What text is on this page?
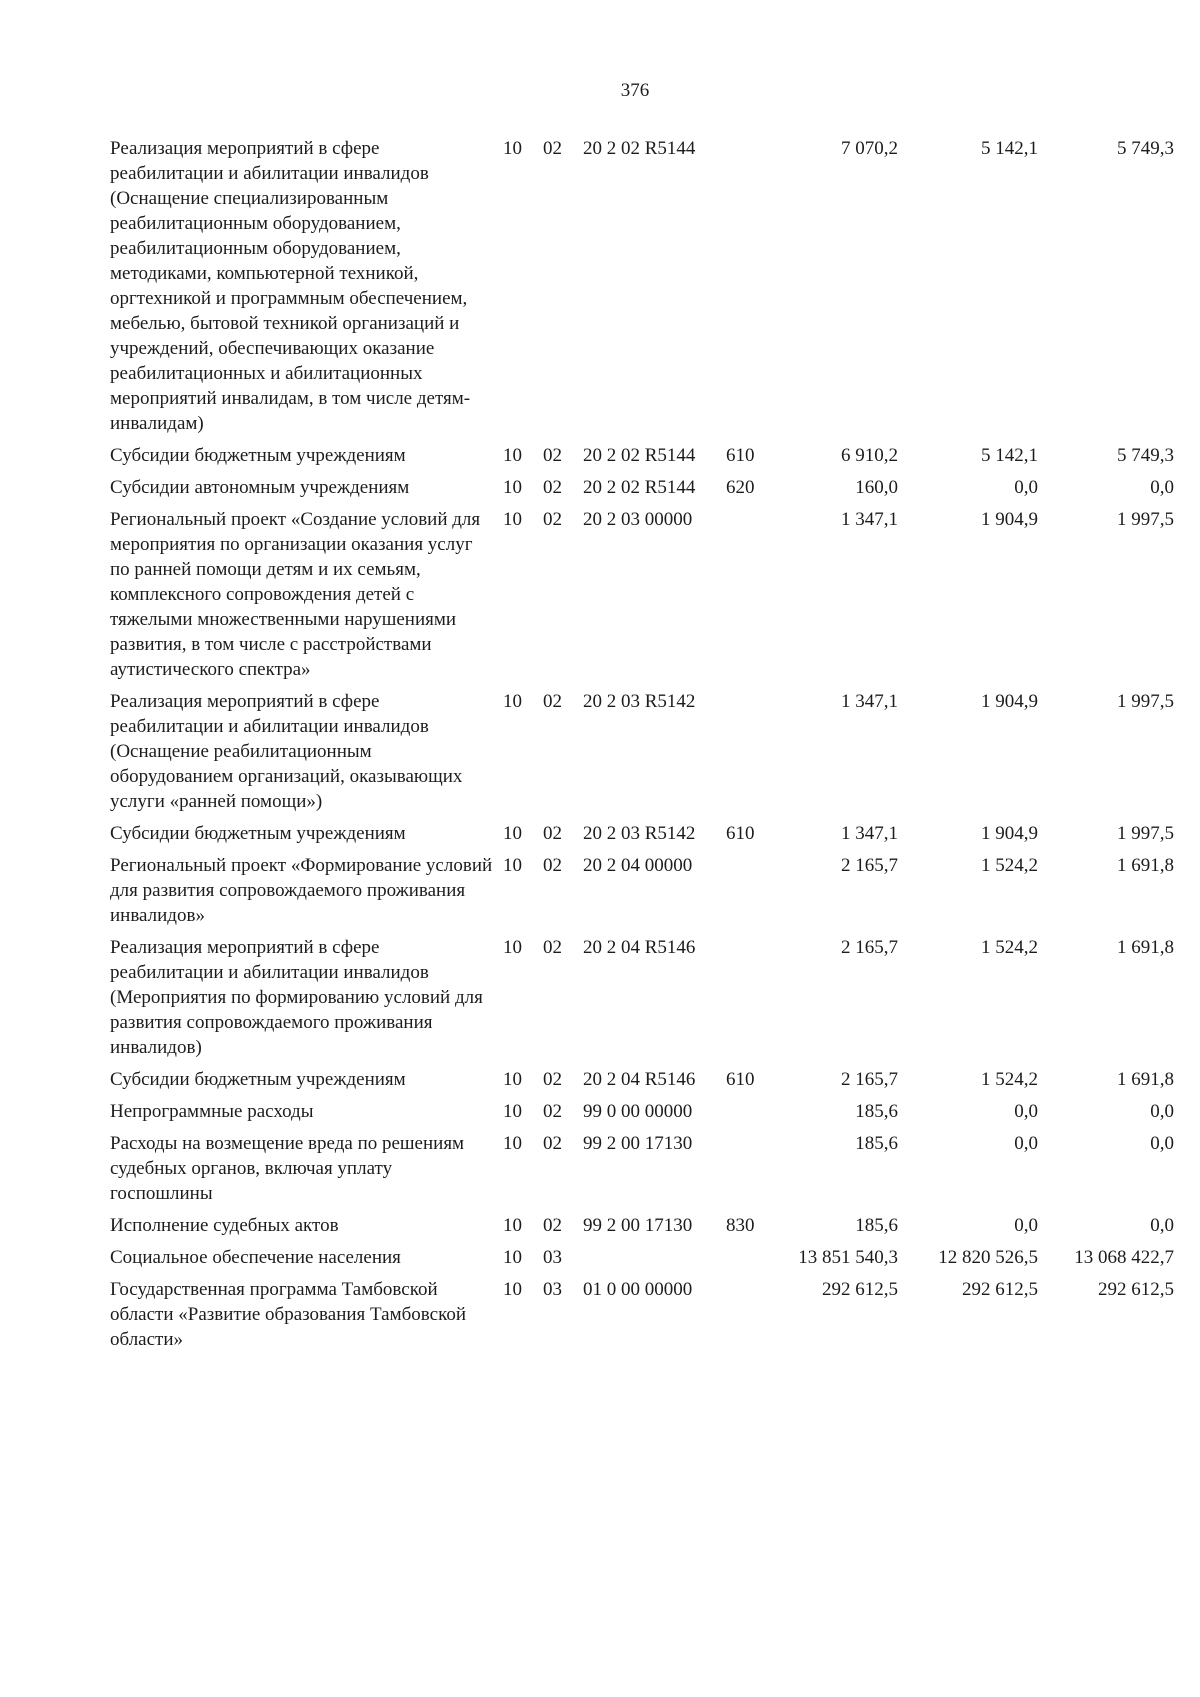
376
Реализация мероприятий в сфере реабилитации и абилитации инвалидов (Оснащение специализированным реабилитационным оборудованием, реабилитационным оборудованием, методиками, компьютерной техникой, оргтехникой и программным обеспечением, мебелью, бытовой техникой организаций и учреждений, обеспечивающих оказание реабилитационных и абилитационных мероприятий инвалидам, в том числе детям-инвалидам)	10	02	20 2 02 R5144		7 070,2	5 142,1	5 749,3
Субсидии бюджетным учреждениям	10	02	20 2 02 R5144	610	6 910,2	5 142,1	5 749,3
Субсидии автономным учреждениям	10	02	20 2 02 R5144	620	160,0	0,0	0,0
Региональный проект «Создание условий для мероприятия по организации оказания услуг по ранней помощи детям и их семьям, комплексного сопровождения детей с тяжелыми множественными нарушениями развития, в том числе с расстройствами аутистического спектра»	10	02	20 2 03 00000		1 347,1	1 904,9	1 997,5
Реализация мероприятий в сфере реабилитации и абилитации инвалидов (Оснащение реабилитационным оборудованием организаций, оказывающих услуги «ранней помощи»)	10	02	20 2 03 R5142		1 347,1	1 904,9	1 997,5
Субсидии бюджетным учреждениям	10	02	20 2 03 R5142	610	1 347,1	1 904,9	1 997,5
Региональный проект «Формирование условий для развития сопровождаемого проживания инвалидов»	10	02	20 2 04 00000		2 165,7	1 524,2	1 691,8
Реализация мероприятий в сфере реабилитации и абилитации инвалидов (Мероприятия по формированию условий для развития сопровождаемого проживания инвалидов)	10	02	20 2 04 R5146		2 165,7	1 524,2	1 691,8
Субсидии бюджетным учреждениям	10	02	20 2 04 R5146	610	2 165,7	1 524,2	1 691,8
Непрограммные расходы	10	02	99 0 00 00000		185,6	0,0	0,0
Расходы на возмещение вреда по решениям судебных органов, включая уплату госпошлины	10	02	99 2 00 17130		185,6	0,0	0,0
Исполнение судебных актов	10	02	99 2 00 17130	830	185,6	0,0	0,0
Социальное обеспечение населения	10	03			13 851 540,3	12 820 526,5	13 068 422,7
Государственная программа Тамбовской области «Развитие образования Тамбовской области»	10	03	01 0 00 00000		292 612,5	292 612,5	292 612,5
